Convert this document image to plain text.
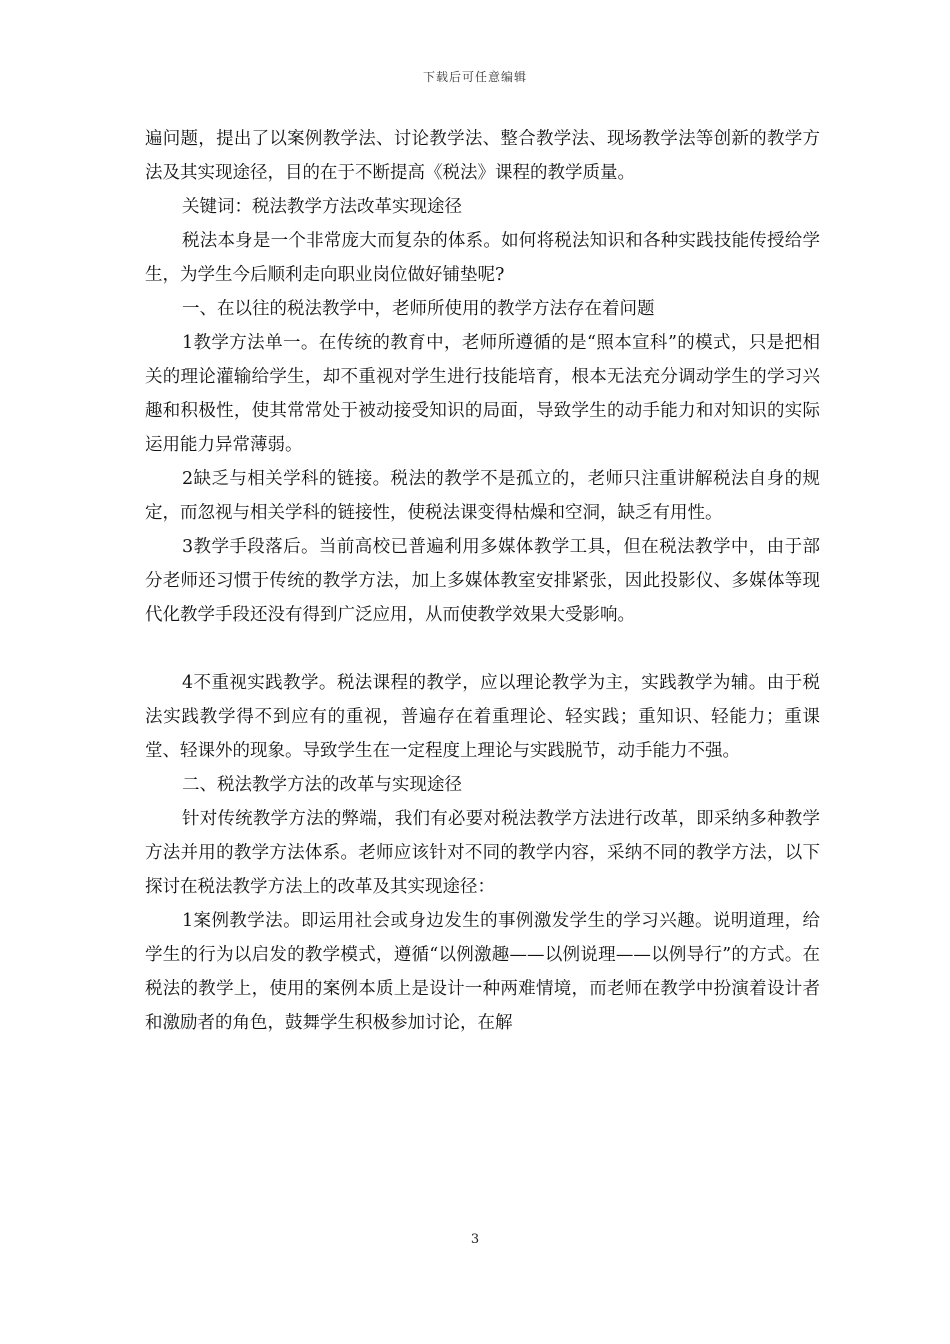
下载后可任意编辑

遍问题，提出了以案例教学法、讨论教学法、整合教学法、现场教学法等创新的教学方法及其实现途径，目的在于不断提高《税法》课程的教学质量。

关键词：税法教学方法改革实现途径

税法本身是一个非常庞大而复杂的体系。如何将税法知识和各种实践技能传授给学生，为学生今后顺利走向职业岗位做好铺垫呢?

一、在以往的税法教学中，老师所使用的教学方法存在着问题

1教学方法单一。在传统的教育中，老师所遵循的是“照本宣科”的模式，只是把相关的理论灌输给学生，却不重视对学生进行技能培育，根本无法充分调动学生的学习兴趣和积极性，使其常常处于被动接受知识的局面，导致学生的动手能力和对知识的实际运用能力异常薄弱。

2缺乏与相关学科的链接。税法的教学不是孤立的，老师只注重讲解税法自身的规定，而忽视与相关学科的链接性，使税法课变得枯燥和空洞，缺乏有用性。

3教学手段落后。当前高校已普遍利用多媒体教学工具，但在税法教学中，由于部分老师还习惯于传统的教学方法，加上多媒体教室安排紧张，因此投影仪、多媒体等现代化教学手段还没有得到广泛应用，从而使教学效果大受影响。

4不重视实践教学。税法课程的教学，应以理论教学为主，实践教学为辅。由于税法实践教学得不到应有的重视，普遍存在着重理论、轻实践；重知识、轻能力；重课堂、轻课外的现象。导致学生在一定程度上理论与实践脱节，动手能力不强。

二、税法教学方法的改革与实现途径

针对传统教学方法的弊端，我们有必要对税法教学方法进行改革，即采纳多种教学方法并用的教学方法体系。老师应该针对不同的教学内容，采纳不同的教学方法，以下探讨在税法教学方法上的改革及其实现途径：

1案例教学法。即运用社会或身边发生的事例激发学生的学习兴趣。说明道理，给学生的行为以启发的教学模式，遵循“以例激趣——以例说理——以例导行”的方式。在税法的教学上，使用的案例本质上是设计一种两难情境，而老师在教学中扮演着设计者和激励者的角色，鼓舞学生积极参加讨论，在解

3
